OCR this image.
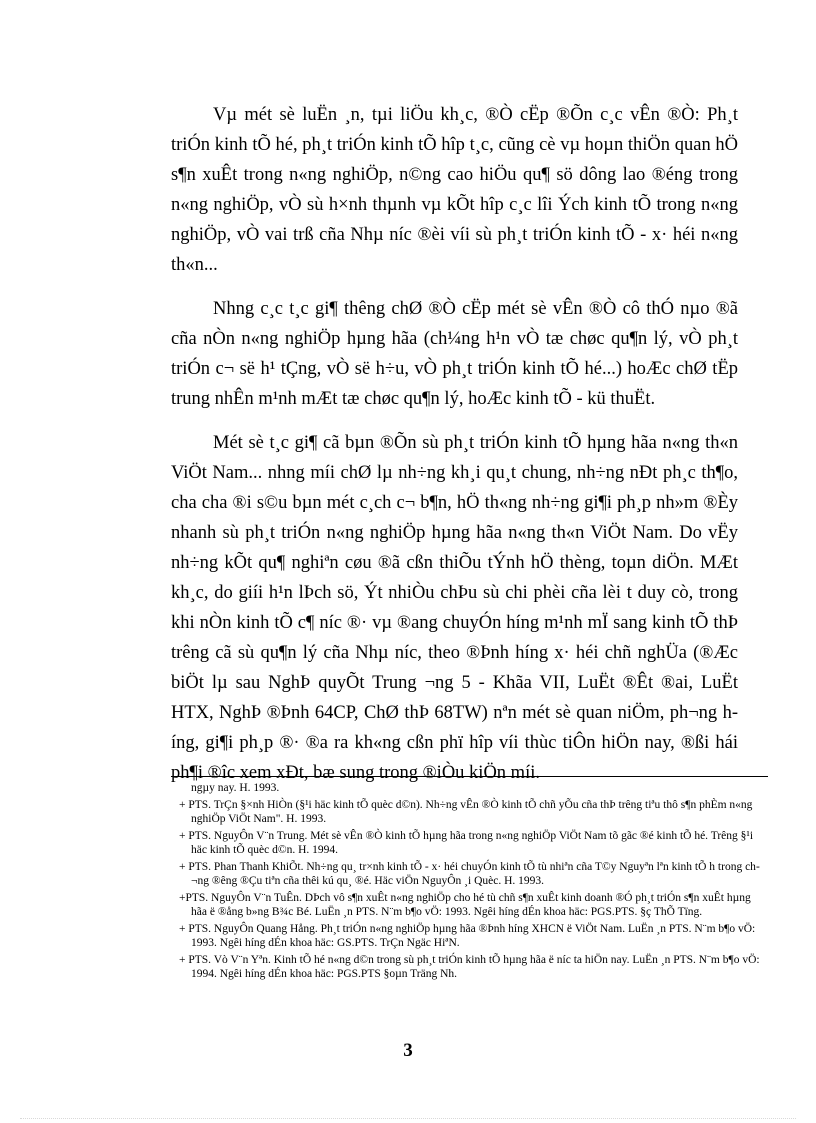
Vµ mét sè luËn ¸n, tµi liÖu kh¸c, ®Ò cËp ®Õn c¸c vÊn ®Ò: Ph¸t triÓn kinh tÕ hé, ph¸t triÓn kinh tÕ hîp t¸c, cũng cè vµ hoµn thiÖn quan hÖ s¶n xuÊt trong n«ng nghiÖp, n©ng cao hiÖu qu¶ sö dông lao ®éng trong n«ng nghiÖp, vÒ sù h×nh thµnh vµ kÕt hîp c¸c lîi Ých kinh tÕ trong n«ng nghiÖp, vÒ vai trß cña Nhµ níc ®èi víi sù ph¸t triÓn kinh tÕ - x· héi n«ng th«n...

Nhng c¸c t¸c gi¶ thêng chØ ®Ò cËp mét sè vÊn ®Ò cô thÓ nµo ®ã cña nÒn n«ng nghiÖp hµng hãa (ch¼ng h¹n vÒ tæ chøc qu¶n lý, vÒ ph¸t triÓn c¬ së h¹ tÇng, vÒ së h÷u, vÒ ph¸t triÓn kinh tÕ hé...) hoÆc chØ tËp trung nhÊn m¹nh mÆt tæ chøc qu¶n lý, hoÆc kinh tÕ - kü thuËt.

Mét sè t¸c gi¶ cã bµn ®Õn sù ph¸t triÓn kinh tÕ hµng hãa n«ng th«n ViÖt Nam... nhng míi chØ lµ nh÷ng kh¸i qu¸t chung, nh÷ng nÐt ph¸c th¶o, cha cha ®i s©u bµn mét c¸ch c¬ b¶n, hÖ th«ng nh÷ng gi¶i ph¸p nh»m ®Èy nhanh sù ph¸t triÓn n«ng nghiÖp hµng hãa n«ng th«n ViÖt Nam. Do vËy nh÷ng kÕt qu¶ nghiªn cøu ®ã cßn thiÕu tÝnh hÖ thèng, toµn diÖn. MÆt kh¸c, do giíi h¹n lÞch sö, Ýt nhiÒu chÞu sù chi phèi cña lèi t duy cò, trong khi nÒn kinh tÕ c¶ níc ®· vµ ®ang chuyÓn híng m¹nh mÏ sang kinh tÕ thÞ trêng cã sù qu¶n lý cña Nhµ níc, theo ®Þnh híng x· héi chñ nghÜa (®Æc biÖt lµ sau NghÞ quyÕt Trung ¬ng 5 - Khãa VII, LuËt ®Êt ®ai, LuËt HTX, NghÞ ®Þnh 64CP, ChØ thÞ 68TW) nªn mét sè quan niÖm, ph¬ng híng, gi¶i ph¸p ®· ®a ra kh«ng cßn phï hîp víi thùc tiÔn hiÖn nay, ®ßi hái ph¶i ®îc xem xÐt, bæ sung trong ®iÒu kiÖn míi.

ngµy nay. H. 1993.

+ PTS. TrÇn §×nh HiÒn (§¹i häc kinh tÕ quèc d©n). Nh÷ng vÊn ®Ò kinh tÕ chñ yÕu cña thÞ trêng tiªu thô s¶n phÈm n«ng nghiÖp ViÖt Nam". H. 1993.

+ PTS. NguyÔn V¨n Trung. Mét sè vÊn ®Ò kinh tÕ hµng hãa trong n«ng nghiÖp ViÖt Nam tõ gãc ®é kinh tÕ hé. Trêng §¹i häc kinh tÕ quèc d©n. H. 1994.

+ PTS. Phan Thanh KhiÕt. Nh÷ng qu¸ tr×nh kinh tÕ - x· héi chuyÓn kinh tÕ tù nhiªn cña T©y Nguyªn lªn kinh tÕ h trong ch¬ng ®êng ®Çu tiªn cña thêi kú qu¸ ®é. Häc viÖn NguyÔn ¸i Quèc. H. 1993.

+PTS. NguyÔn V¨n TuÊn. DÞch vô s¶n xuÊt n«ng nghiÖp cho hé tù chñ s¶n xuÊt kinh doanh ®Ó ph¸t triÓn s¶n xuÊt hµng hãa ë ®ång b»ng B¾c Bé. LuËn ¸n PTS. N¨m b¶o vÖ: 1993. Ngêi híng dÉn khoa häc: PGS.PTS. §ç ThÕ Tïng.

+ PTS. NguyÔn Quang Hång. Ph¸t triÓn n«ng nghiÖp hµng hãa ®Þnh híng XHCN ë ViÖt Nam. LuËn ¸n PTS. N¨m b¶o vÖ: 1993. Ngêi híng dÉn khoa häc: GS.PTS. TrÇn Ngäc HiªN.

+ PTS. Vò V¨n Yªn. Kinh tÕ hé n«ng d©n trong sù ph¸t triÓn kinh tÕ hµng hãa ë níc ta hiÖn nay. LuËn ¸n PTS. N¨m b¶o vÖ: 1994. Ngêi híng dÉn khoa häc: PGS.PTS §oµn Träng Nh.

3
